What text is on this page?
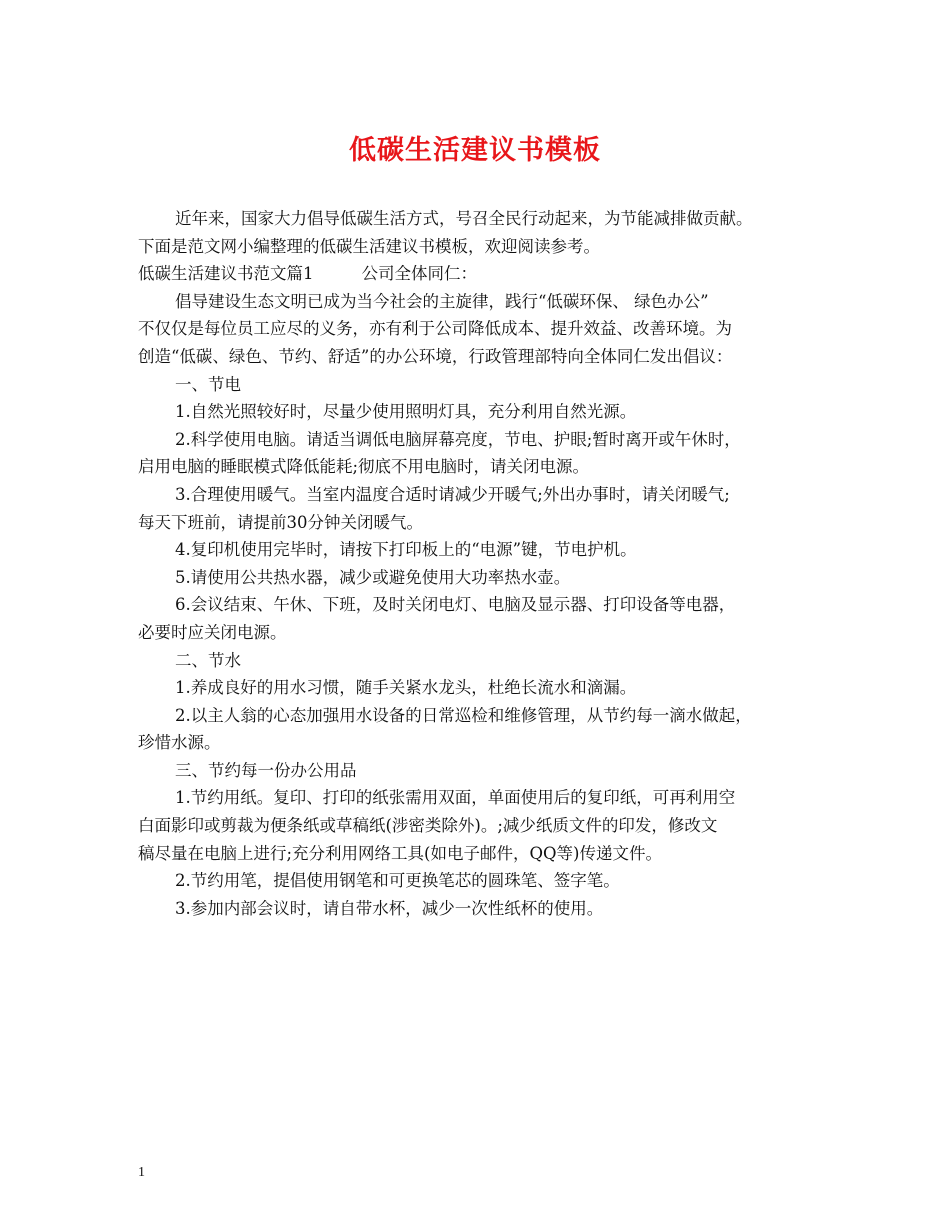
低碳生活建议书模板
近年来，国家大力倡导低碳生活方式，号召全民行动起来，为节能减排做贡献。
下面是范文网小编整理的低碳生活建议书模板，欢迎阅读参考。
低碳生活建议书范文篇1	公司全体同仁：
倡导建设生态文明已成为当今社会的主旋律，践行“低碳环保、 绿色办公”
不仅仅是每位员工应尽的义务，亦有利于公司降低成本、提升效益、改善环境。为
创造“低碳、绿色、节约、舒适”的办公环境，行政管理部特向全体同仁发出倡议：
一、节电
1.自然光照较好时，尽量少使用照明灯具，充分利用自然光源。
2.科学使用电脑。请适当调低电脑屏幕亮度，节电、护眼;暂时离开或午休时，
启用电脑的睡眠模式降低能耗;彻底不用电脑时，请关闭电源。
3.合理使用暖气。当室内温度合适时请减少开暖气;外出办事时，请关闭暖气;
每天下班前，请提前30分钟关闭暖气。
4.复印机使用完毕时，请按下打印板上的“电源”键，节电护机。
5.请使用公共热水器，减少或避免使用大功率热水壶。
6.会议结束、午休、下班，及时关闭电灯、电脑及显示器、打印设备等电器，
必要时应关闭电源。
二、节水
1.养成良好的用水习惯，随手关紧水龙头，杜绝长流水和滴漏。
2.以主人翁的心态加强用水设备的日常巡检和维修管理，从节约每一滴水做起，
珍惜水源。
三、节约每一份办公用品
1.节约用纸。复印、打印的纸张需用双面，单面使用后的复印纸，可再利用空
白面影印或剪裁为便条纸或草稿纸(涉密类除外)。;减少纸质文件的印发，修改文
稿尽量在电脑上进行;充分利用网络工具(如电子邮件，QQ等)传递文件。
2.节约用笔，提倡使用钢笔和可更换笔芯的圆珠笔、签字笔。
3.参加内部会议时，请自带水杯，减少一次性纸杯的使用。
1
